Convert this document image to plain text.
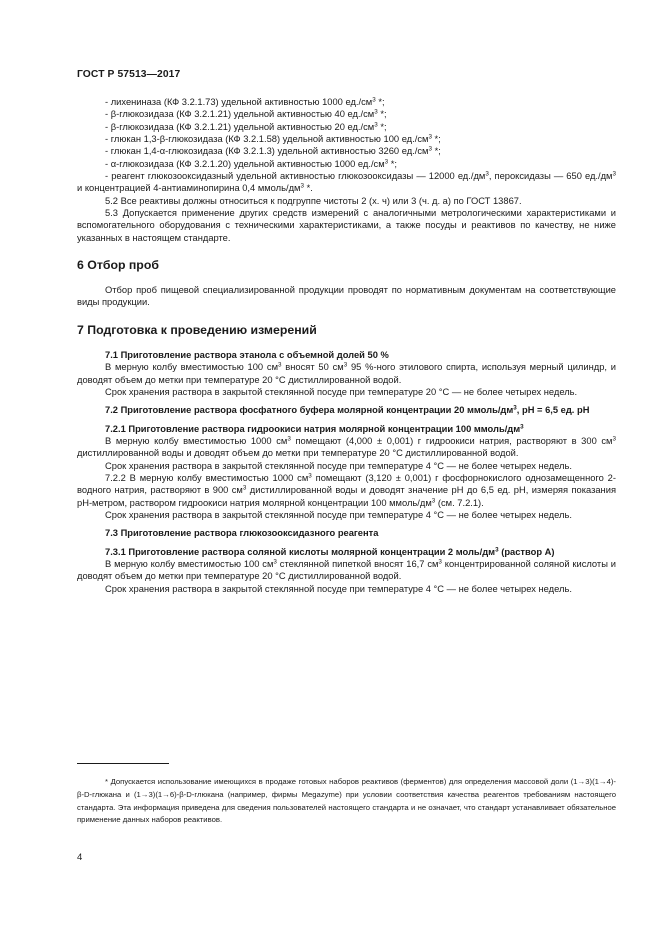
ГОСТ Р 57513—2017

- лихениназа (КФ 3.2.1.73) удельной активностью 1000 $ед./см^3$ *;

- β-глюкозидаза (КФ 3.2.1.21) удельной активностью 40 $ед./см^3$ *;

- β-глюкозидаза (КФ 3.2.1.21) удельной активностью 20 $ед./см^3$ *;

- глюкан 1,3-β-глюкозидаза (КФ 3.2.1.58) удельной активностью 100 $ед./см^3$ *;

- глюкан 1,4-α-глюкозидаза (КФ 3.2.1.3) удельной активностью 3260 $ед./см^3$ *;

- α-глюкозидаза (КФ 3.2.1.20) удельной активностью 1000 $ед./см^3$ *;

- реагент глюкозооксидазный удельной активностью глюкозооксидазы — 12000 $ед./дм^3$, пероксидазы — 650 $ед./дм^3$ и концентрацией 4-антиаминопирина 0,4 ммоль/$дм^3$ *.

5.2 Все реактивы должны относиться к подгруппе чистоты 2 (х. ч) или 3 (ч. д. а) по ГОСТ 13867.

5.3 Допускается применение других средств измерений с аналогичными метрологическими характеристиками и вспомогательного оборудования с техническими характеристиками, а также посуды и реактивов по качеству, не ниже указанных в настоящем стандарте.

6 Отбор проб

Отбор проб пищевой специализированной продукции проводят по нормативным документам на соответствующие виды продукции.

7 Подготовка к проведению измерений

7.1 Приготовление раствора этанола с объемной долей 50 %

В мерную колбу вместимостью 100 $см^3$ вносят 50 $см^3$ 95 %-ного этилового спирта, используя мерный цилиндр, и доводят объем до метки при температуре 20 °С дистиллированной водой.

Срок хранения раствора в закрытой стеклянной посуде при температуре 20 °С — не более четырех недель.

7.2 Приготовление раствора фосфатного буфера молярной концентрации 20 ммоль/$дм^3$, рН = 6,5 ед. рН

7.2.1 Приготовление раствора гидроокиси натрия молярной концентрации 100 ммоль/$дм^3$

В мерную колбу вместимостью 1000 $см^3$ помещают (4,000 ± 0,001) г гидроокиси натрия, растворяют в 300 $см^3$ дистиллированной воды и доводят объем до метки при температуре 20 °С дистиллированной водой.

Срок хранения раствора в закрытой стеклянной посуде при температуре 4 °С — не более четырех недель.

7.2.2 В мерную колбу вместимостью 1000 $см^3$ помещают (3,120 ± 0,001) г фосфорнокислого однозамещенного 2-водного натрия, растворяют в 900 $см^3$ дистиллированной воды и доводят значение рН до 6,5 ед. рН, измеряя показания рН-метром, раствором гидроокиси натрия молярной концентрации 100 ммоль/$дм^3$ (см. 7.2.1).

Срок хранения раствора в закрытой стеклянной посуде при температуре 4 °С — не более четырех недель.

7.3 Приготовление раствора глюкозооксидазного реагента

7.3.1 Приготовление раствора соляной кислоты молярной концентрации 2 моль/$дм^3$ (раствор А)

В мерную колбу вместимостью 100 $см^3$ стеклянной пипеткой вносят 16,7 $см^3$ концентрированной соляной кислоты и доводят объем до метки при температуре 20 °С дистиллированной водой.

Срок хранения раствора в закрытой стеклянной посуде при температуре 4 °С — не более четырех недель.

* Допускается использование имеющихся в продаже готовых наборов реактивов (ферментов) для определения массовой доли (1→3)(1→4)-β-D-глюкана и (1→3)(1→6)-β-D-глюкана (например, фирмы Megazyme) при условии соответствия качества реагентов требованиям настоящего стандарта. Эта информация приведена для сведения пользователей настоящего стандарта и не означает, что стандарт устанавливает обязательное применение данных наборов реактивов.

4
